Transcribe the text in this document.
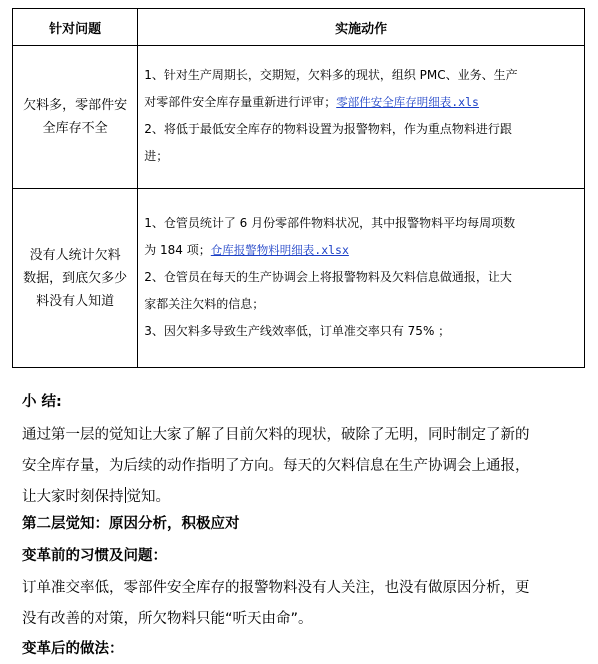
针对问题	实施动作

欠料多，零部件安
全库存不全	1、针对生产周期长，交期短，欠料多的现状，组织 PMC、业务、生产
对零部件安全库存量重新进行评审；零部件安全库存明细表.xls
2、将低于最低安全库存的物料设置为报警物料，作为重点物料进行跟
进；

没有人统计欠料
数据，到底欠多少
料没有人知道	1、仓管员统计了 6 月份零部件物料状况，其中报警物料平均每周项数
为 184 项；仓库报警物料明细表.xlsx
2、仓管员在每天的生产协调会上将报警物料及欠料信息做通报，让大
家都关注欠料的信息；
3、因欠料多导致生产线效率低，订单准交率只有 75% ；
小 结:
通过第一层的觉知让大家了解了目前欠料的现状，破除了无明，同时制定了新的
安全库存量，为后续的动作指明了方向。每天的欠料信息在生产协调会上通报，
让大家时刻保持 觉知。
第二层觉知：原因分析，积极应对
变革前的习惯及问题：
订单准交率低，零部件安全库存的报警物料没有人关注，也没有做原因分析，更
没有改善的对策，所欠物料只能“听天由命”。
变革后的做法：
